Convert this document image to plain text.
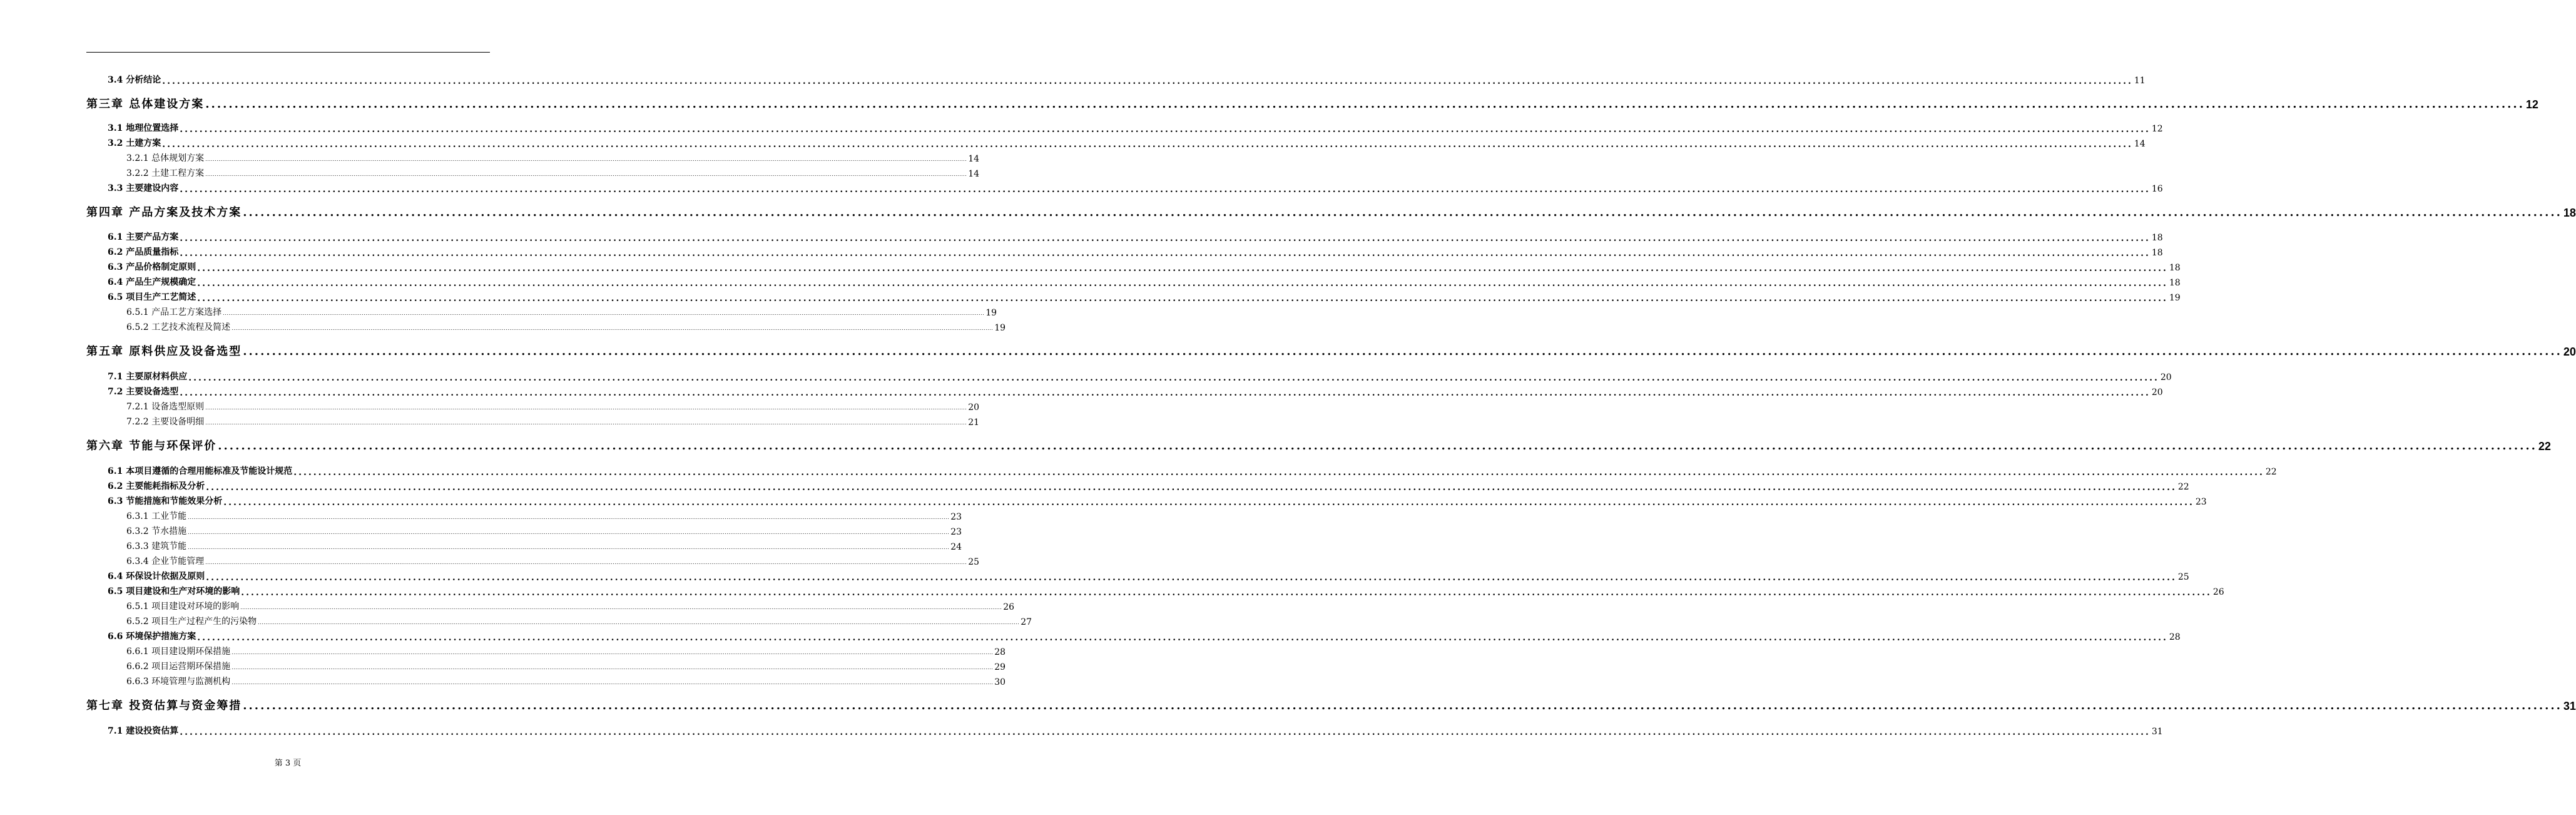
3.4 分析结论 ................................................................................................................................................................................................................................................................................................................................................................................................................ 11
第三章 总体建设方案 ................................................................................................................................................................................................................................................................................................................................................................................................................ 12
3.1 地理位置选择 ................................................................................................................................................................................................................................................................................................................................................................................................................ 12
3.2 土建方案 ................................................................................................................................................................................................................................................................................................................................................................................................................ 14
3.2.1 总体规划方案 ................................................................................................................................................................................................................................................................................................................................................................................................................ 14
3.2.2 土建工程方案 ................................................................................................................................................................................................................................................................................................................................................................................................................ 14
3.3 主要建设内容 ................................................................................................................................................................................................................................................................................................................................................................................................................ 16
第四章 产品方案及技术方案 ................................................................................................................................................................................................................................................................................................................................................................................................................ 18
6.1 主要产品方案 ................................................................................................................................................................................................................................................................................................................................................................................................................ 18
6.2 产品质量指标 ................................................................................................................................................................................................................................................................................................................................................................................................................ 18
6.3 产品价格制定原则 ................................................................................................................................................................................................................................................................................................................................................................................................................ 18
6.4 产品生产规模确定 ................................................................................................................................................................................................................................................................................................................................................................................................................ 18
6.5 项目生产工艺简述 ................................................................................................................................................................................................................................................................................................................................................................................................................ 19
6.5.1 产品工艺方案选择 ................................................................................................................................................................................................................................................................................................................................................................................................................ 19
6.5.2 工艺技术流程及简述 ................................................................................................................................................................................................................................................................................................................................................................................................................ 19
第五章 原料供应及设备选型 ................................................................................................................................................................................................................................................................................................................................................................................................................ 20
7.1 主要原材料供应 ................................................................................................................................................................................................................................................................................................................................................................................................................ 20
7.2 主要设备选型 ................................................................................................................................................................................................................................................................................................................................................................................................................ 20
7.2.1 设备选型原则 ................................................................................................................................................................................................................................................................................................................................................................................................................ 20
7.2.2 主要设备明细 ................................................................................................................................................................................................................................................................................................................................................................................................................ 21
第六章 节能与环保评价 ................................................................................................................................................................................................................................................................................................................................................................................................................ 22
6.1 本项目遵循的合理用能标准及节能设计规范 ................................................................................................................................................................................................................................................................................................................................................................................................................ 22
6.2 主要能耗指标及分析 ................................................................................................................................................................................................................................................................................................................................................................................................................ 22
6.3 节能措施和节能效果分析 ................................................................................................................................................................................................................................................................................................................................................................................................................ 23
6.3.1 工业节能 ................................................................................................................................................................................................................................................................................................................................................................................................................ 23
6.3.2 节水措施 ................................................................................................................................................................................................................................................................................................................................................................................................................ 23
6.3.3 建筑节能 ................................................................................................................................................................................................................................................................................................................................................................................................................ 24
6.3.4 企业节能管理 ................................................................................................................................................................................................................................................................................................................................................................................................................ 25
6.4 环保设计依据及原则 ................................................................................................................................................................................................................................................................................................................................................................................................................ 25
6.5 项目建设和生产对环境的影响 ................................................................................................................................................................................................................................................................................................................................................................................................................ 26
6.5.1 项目建设对环境的影响 ................................................................................................................................................................................................................................................................................................................................................................................................................ 26
6.5.2 项目生产过程产生的污染物 ................................................................................................................................................................................................................................................................................................................................................................................................................ 27
6.6 环境保护措施方案 ................................................................................................................................................................................................................................................................................................................................................................................................................ 28
6.6.1 项目建设期环保措施 ................................................................................................................................................................................................................................................................................................................................................................................................................ 28
6.6.2 项目运营期环保措施 ................................................................................................................................................................................................................................................................................................................................................................................................................ 29
6.6.3 环境管理与监测机构 ................................................................................................................................................................................................................................................................................................................................................................................................................ 30
第七章 投资估算与资金筹措 ................................................................................................................................................................................................................................................................................................................................................................................................................ 31
7.1 建设投资估算 ................................................................................................................................................................................................................................................................................................................................................................................................................ 31
第 3 页
